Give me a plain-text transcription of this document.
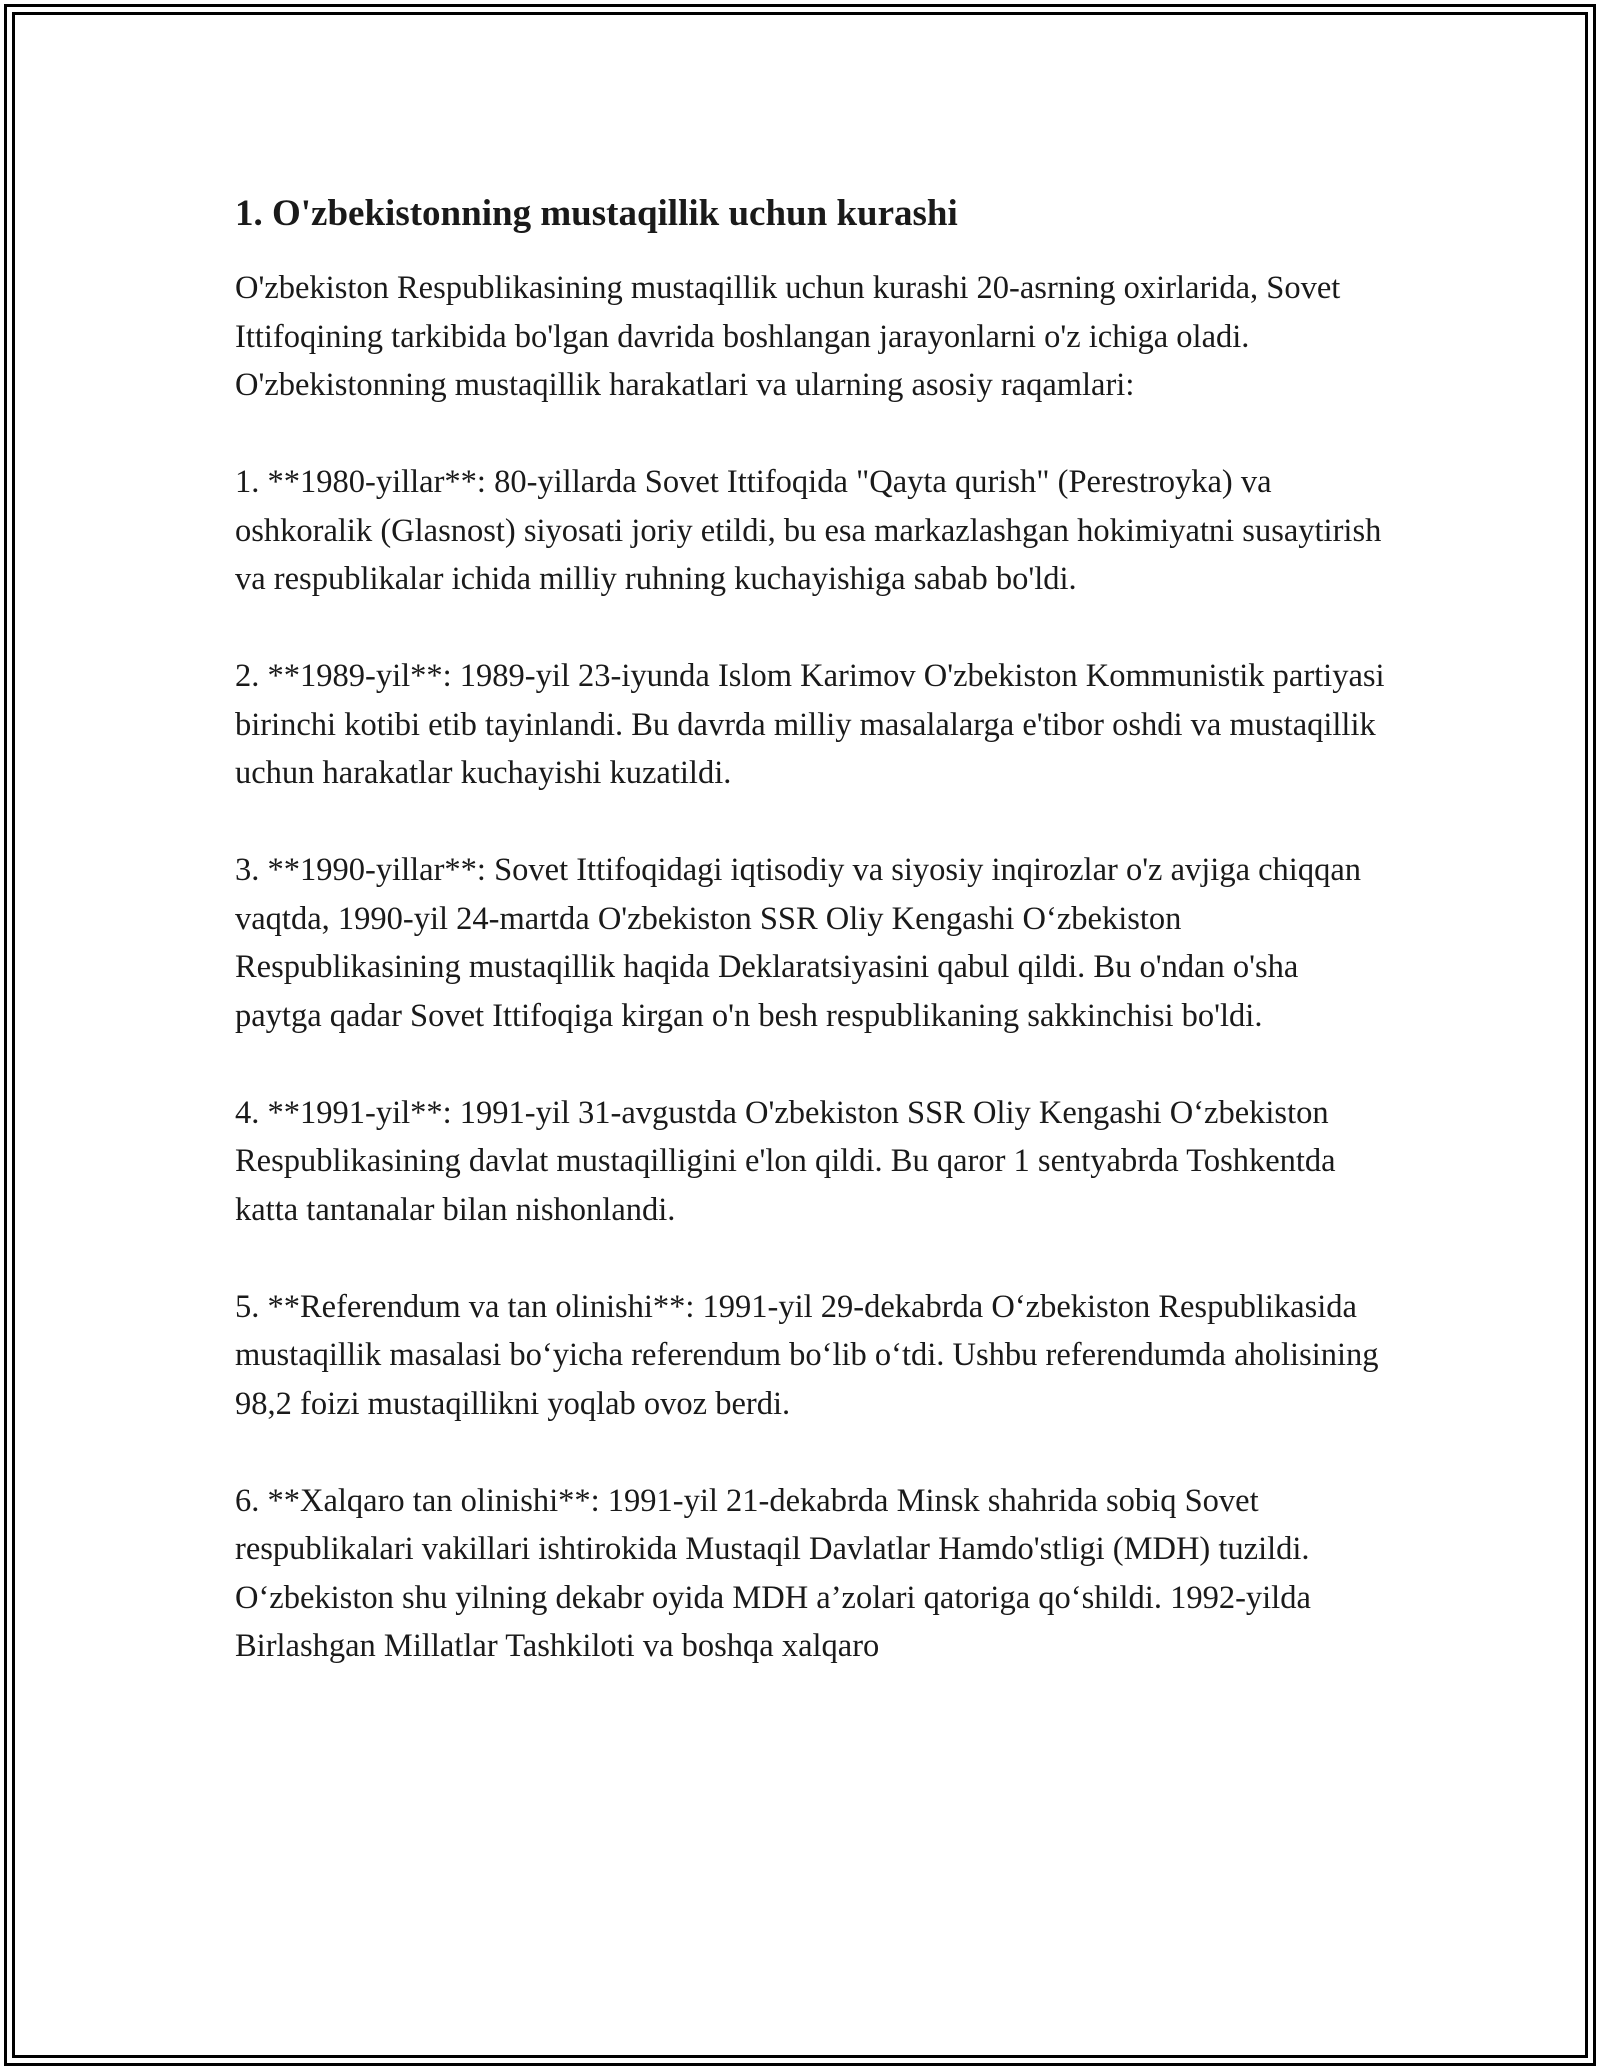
1. O'zbekistonning mustaqillik uchun kurashi

O'zbekiston Respublikasining mustaqillik uchun kurashi 20-asrning oxirlarida, Sovet Ittifoqining tarkibida bo'lgan davrida boshlangan jarayonlarni o'z ichiga oladi. O'zbekistonning mustaqillik harakatlari va ularning asosiy raqamlari:

1. **1980-yillar**: 80-yillarda Sovet Ittifoqida "Qayta qurish" (Perestroyka) va oshkoralik (Glasnost) siyosati joriy etildi, bu esa markazlashgan hokimiyatni susaytirish va respublikalar ichida milliy ruhning kuchayishiga sabab bo'ldi.

2. **1989-yil**: 1989-yil 23-iyunda Islom Karimov O'zbekiston Kommunistik partiyasi birinchi kotibi etib tayinlandi. Bu davrda milliy masalalarga e'tibor oshdi va mustaqillik uchun harakatlar kuchayishi kuzatildi.

3. **1990-yillar**: Sovet Ittifoqidagi iqtisodiy va siyosiy inqirozlar o'z avjiga chiqqan vaqtda, 1990-yil 24-martda O'zbekiston SSR Oliy Kengashi O‘zbekiston Respublikasining mustaqillik haqida Deklaratsiyasini qabul qildi. Bu o'ndan o'sha paytga qadar Sovet Ittifoqiga kirgan o'n besh respublikaning sakkinchisi bo'ldi.

4. **1991-yil**: 1991-yil 31-avgustda O'zbekiston SSR Oliy Kengashi O‘zbekiston Respublikasining davlat mustaqilligini e'lon qildi. Bu qaror 1 sentyabrda Toshkentda katta tantanalar bilan nishonlandi.

5. **Referendum va tan olinishi**: 1991-yil 29-dekabrda O‘zbekiston Respublikasida mustaqillik masalasi bo‘yicha referendum bo‘lib o‘tdi. Ushbu referendumda aholisining 98,2 foizi mustaqillikni yoqlab ovoz berdi.

6. **Xalqaro tan olinishi**: 1991-yil 21-dekabrda Minsk shahrida sobiq Sovet respublikalari vakillari ishtirokida Mustaqil Davlatlar Hamdo'stligi (MDH) tuzildi. O‘zbekiston shu yilning dekabr oyida MDH a’zolari qatoriga qo‘shildi. 1992-yilda Birlashgan Millatlar Tashkiloti va boshqa xalqaro
